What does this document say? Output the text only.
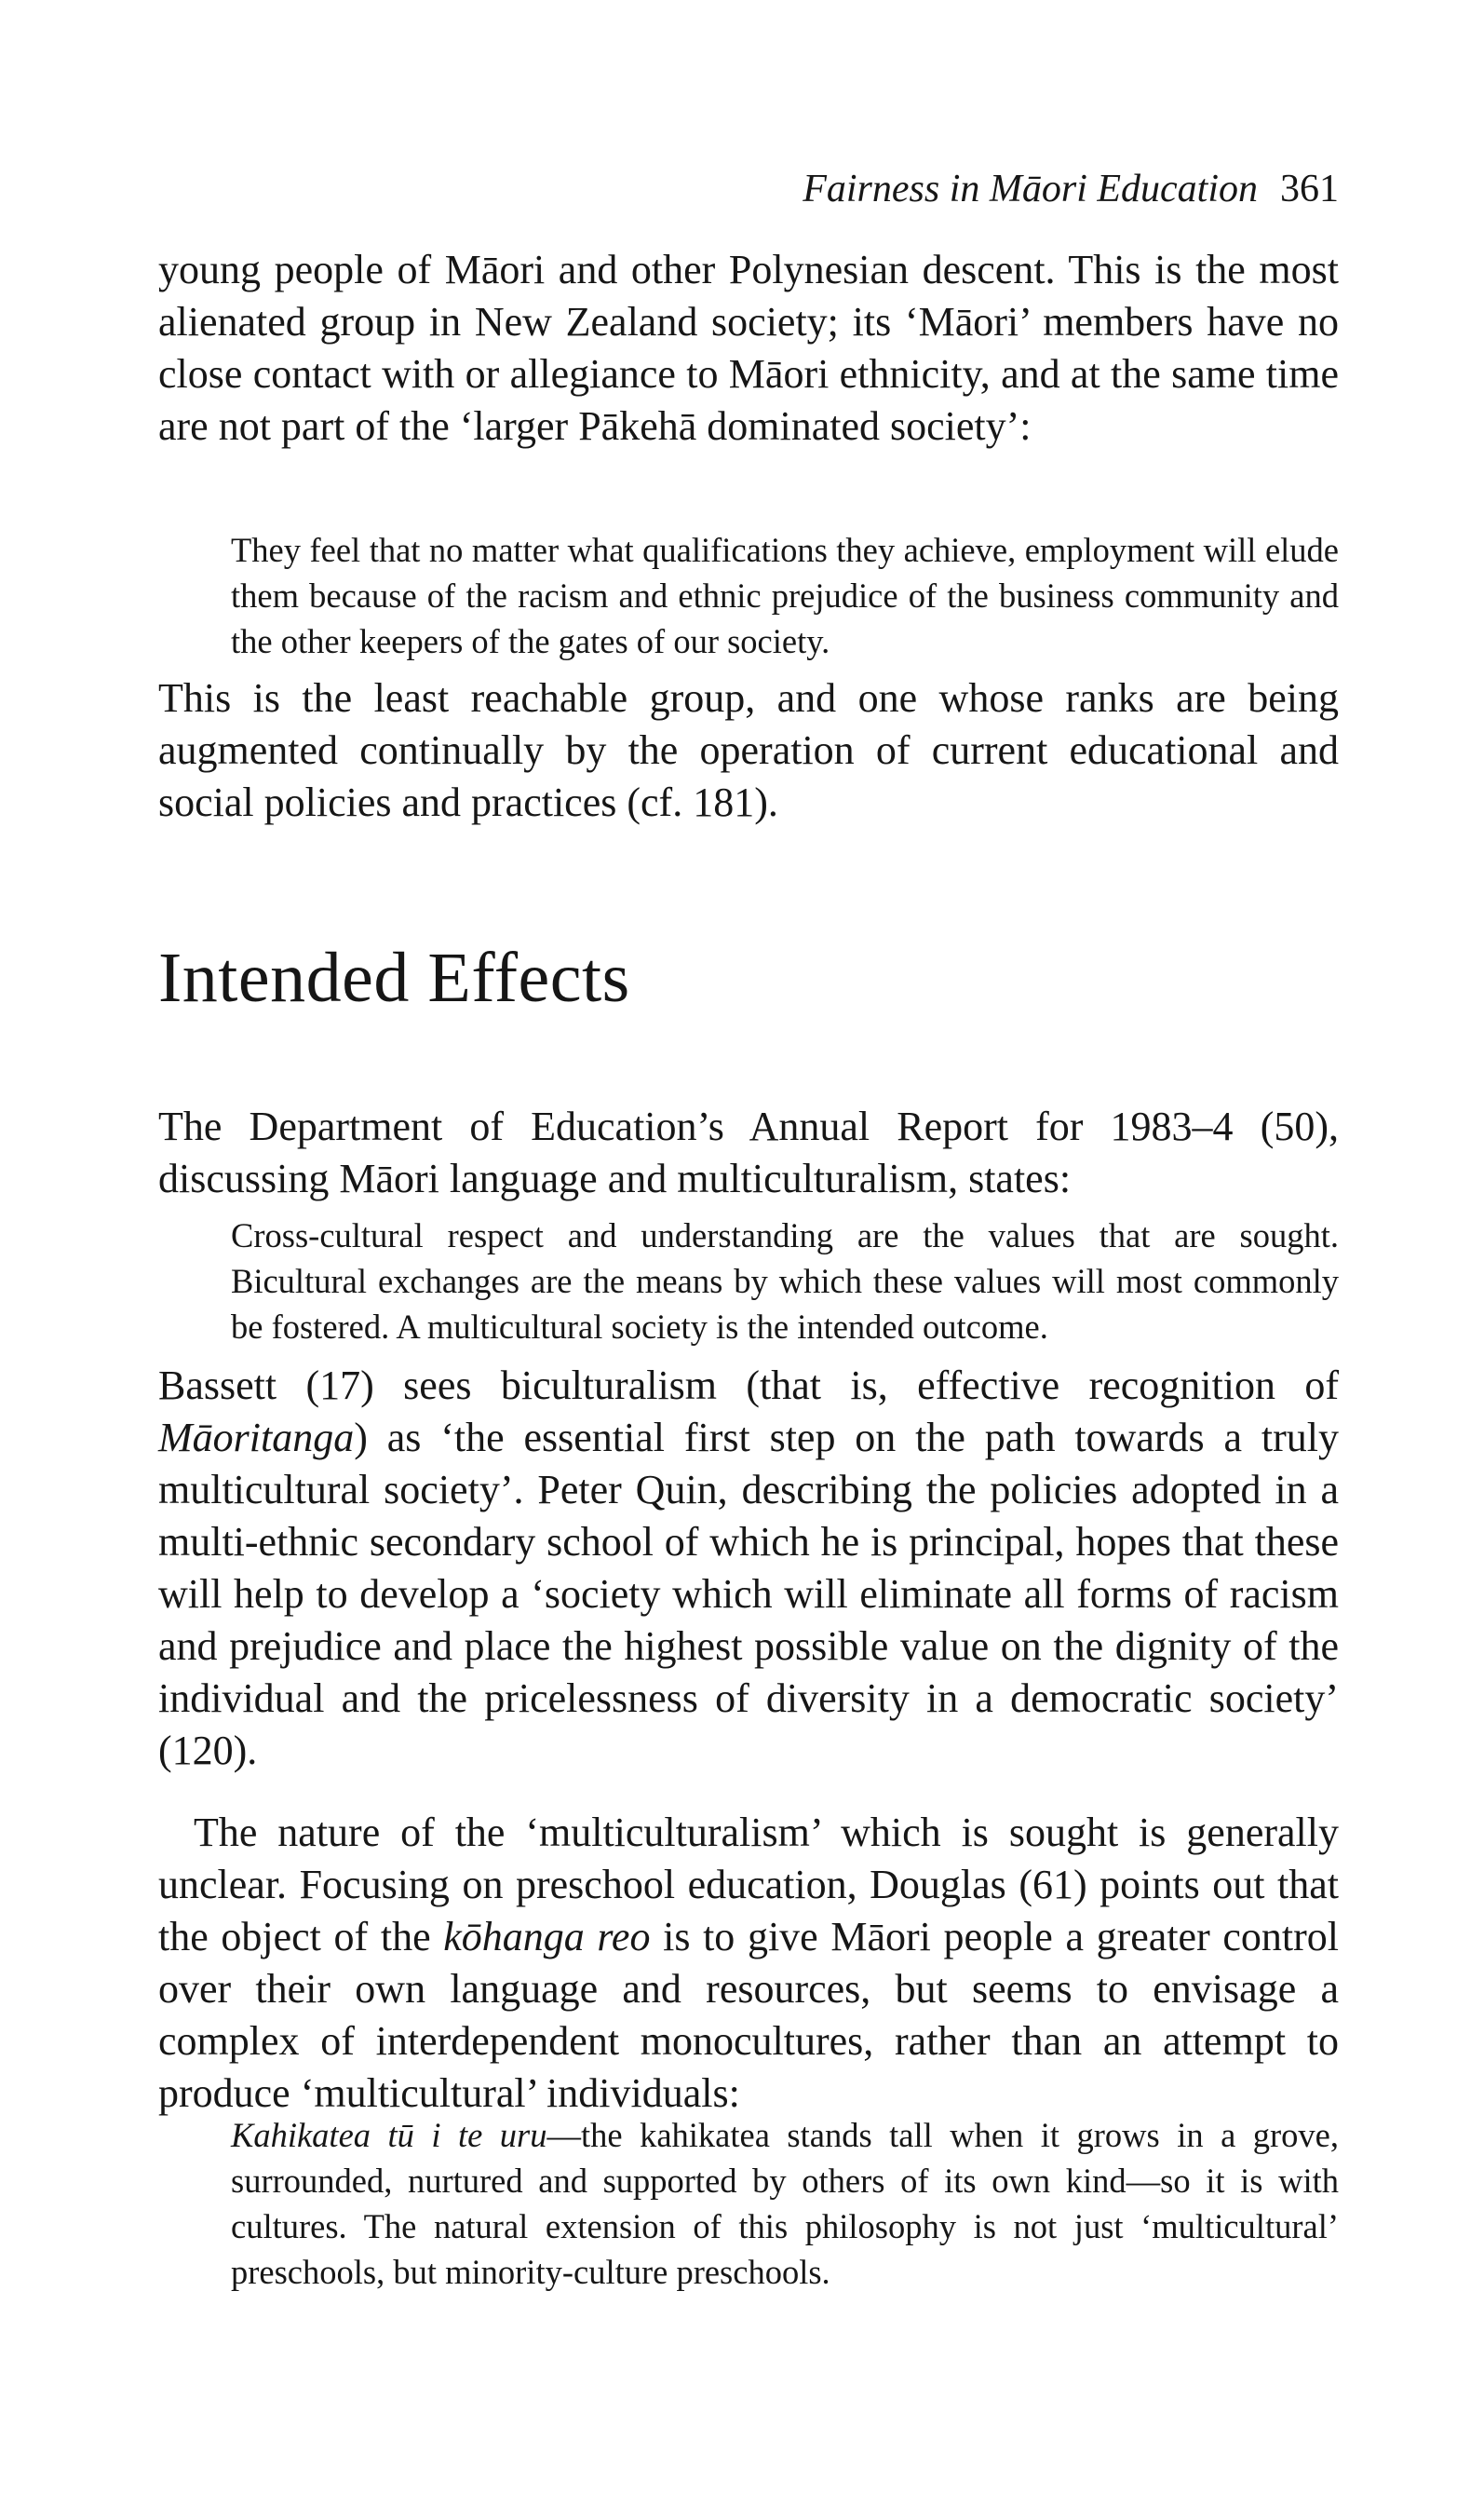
Fairness in Māori Education 361

young people of Māori and other Polynesian descent. This is the most alienated group in New Zealand society; its ‘Māori’ members have no close contact with or allegiance to Māori ethnicity, and at the same time are not part of the ‘larger Pākehā dominated society’:

They feel that no matter what qualifications they achieve, employment will elude them because of the racism and ethnic prejudice of the business community and the other keepers of the gates of our society.

This is the least reachable group, and one whose ranks are being augmented continually by the operation of current educational and social policies and practices (cf. 181).

Intended Effects

The Department of Education’s Annual Report for 1983–4 (50), discussing Māori language and multiculturalism, states:

Cross-cultural respect and understanding are the values that are sought. Bicultural exchanges are the means by which these values will most commonly be fostered. A multicultural society is the intended outcome.

Bassett (17) sees biculturalism (that is, effective recognition of Māoritanga) as ‘the essential first step on the path towards a truly multicultural society’. Peter Quin, describing the policies adopted in a multi-ethnic secondary school of which he is principal, hopes that these will help to develop a ‘society which will eliminate all forms of racism and prejudice and place the highest possible value on the dignity of the individual and the pricelessness of diversity in a democratic society’ (120).

The nature of the ‘multiculturalism’ which is sought is generally unclear. Focusing on preschool education, Douglas (61) points out that the object of the kōhanga reo is to give Māori people a greater control over their own language and resources, but seems to envisage a complex of interdependent monocultures, rather than an attempt to produce ‘multicultural’ individuals:

Kahikatea tū i te uru—the kahikatea stands tall when it grows in a grove, surrounded, nurtured and supported by others of its own kind—so it is with cultures. The natural extension of this philosophy is not just ‘multicultural’ preschools, but minority-culture preschools.
